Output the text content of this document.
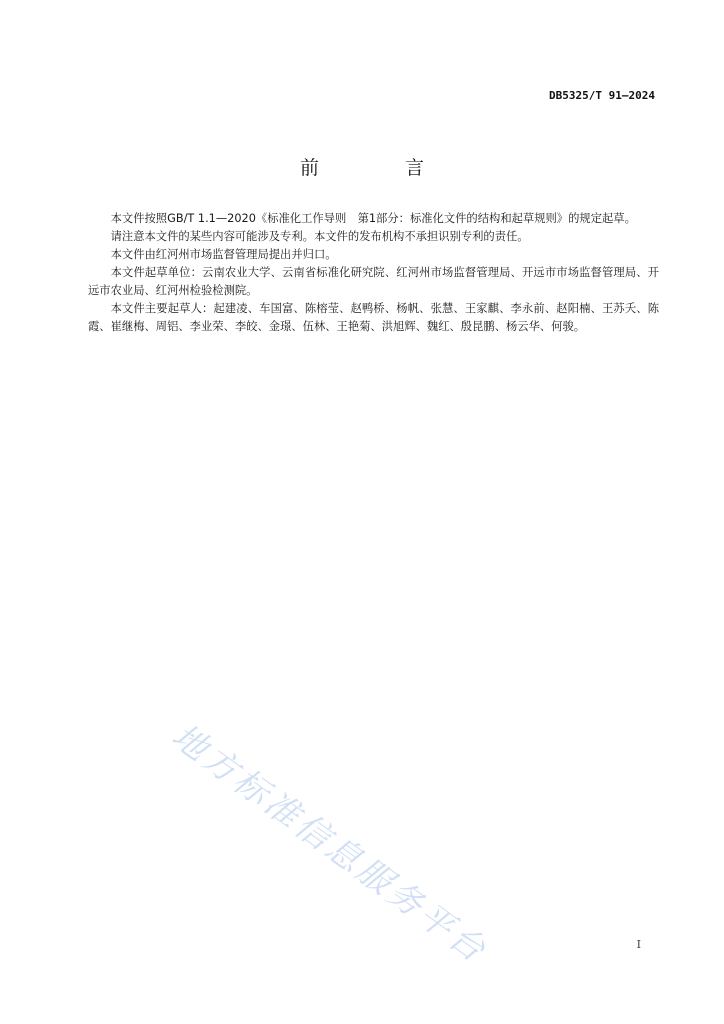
DB5325/T 91—2024
前 言

本文件按照GB/T 1.1—2020《标准化工作导则　第1部分：标准化文件的结构和起草规则》的规定起草。

请注意本文件的某些内容可能涉及专利。本文件的发布机构不承担识别专利的责任。

本文件由红河州市场监督管理局提出并归口。

本文件起草单位：云南农业大学、云南省标准化研究院、红河州市场监督管理局、开远市市场监督管理局、开远市农业局、红河州检验检测院。

本文件主要起草人：起建凌、车国富、陈榕莹、赵鸭桥、杨帆、张慧、王家麒、李永前、赵阳楠、王苏夭、陈霞、崔继梅、周铝、李业荣、李皎、金璟、伍林、王艳菊、洪旭辉、魏红、殷昆鹏、杨云华、何骏。

地方标准信息服务平台	I
